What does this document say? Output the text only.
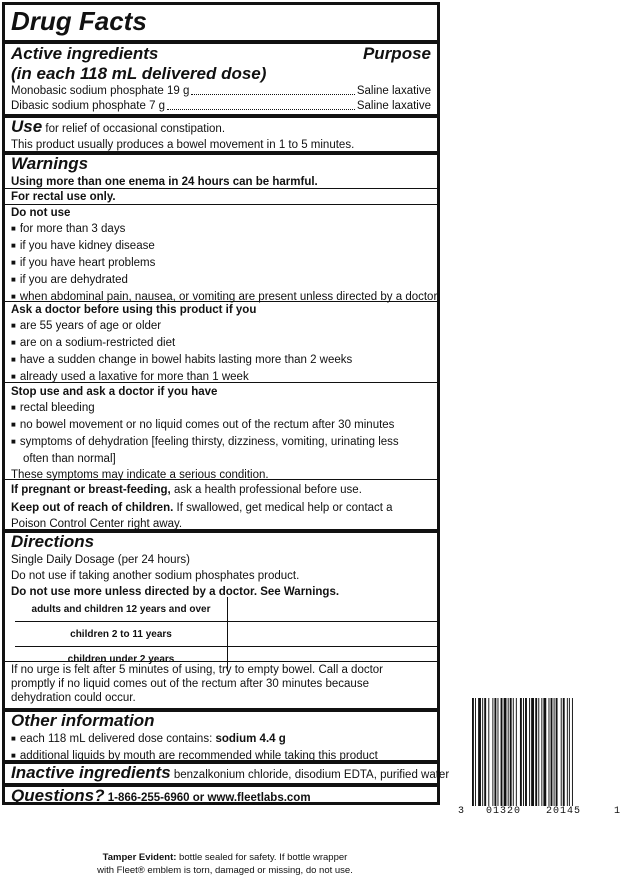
Drug Facts
Active ingredients	Purpose
(in each 118 mL delivered dose)
Monobasic sodium phosphate 19 g	Saline laxative
Dibasic sodium phosphate 7 g	Saline laxative
Use for relief of occasional constipation.
This product usually produces a bowel movement in 1 to 5 minutes.
Warnings
Using more than one enema in 24 hours can be harmful.
For rectal use only.
Do not use
■ for more than 3 days
■ if you have kidney disease
■ if you have heart problems
■ if you are dehydrated
■ when abdominal pain, nausea, or vomiting are present unless directed by a doctor
Ask a doctor before using this product if you
■ are 55 years of age or older
■ are on a sodium-restricted diet
■ have a sudden change in bowel habits lasting more than 2 weeks
■ already used a laxative for more than 1 week
Stop use and ask a doctor if you have
■ rectal bleeding
■ no bowel movement or no liquid comes out of the rectum after 30 minutes
■ symptoms of dehydration [feeling thirsty, dizziness, vomiting, urinating less
often than normal]
These symptoms may indicate a serious condition.
If pregnant or breast-feeding, ask a health professional before use.
Keep out of reach of children. If swallowed, get medical help or contact a
Poison Control Center right away.
Directions
Single Daily Dosage (per 24 hours)
Do not use if taking another sodium phosphates product.
Do not use more unless directed by a doctor. See Warnings.
adults and children 12 years and over	
children 2 to 11 years	
children under 2 years	
If no urge is felt after 5 minutes of using, try to empty bowel. Call a doctor
promptly if no liquid comes out of the rectum after 30 minutes because
dehydration could occur.
Other information
■ each 118 mL delivered dose contains: sodium 4.4 g
■ additional liquids by mouth are recommended while taking this product
Inactive ingredients benzalkonium chloride, disodium EDTA, purified water
Questions? 1-866-255-6960 or www.fleetlabs.com
3 01320 20145	1
Tamper Evident: bottle sealed for safety. If bottle wrapper
with Fleet® emblem is torn, damaged or missing, do not use.
